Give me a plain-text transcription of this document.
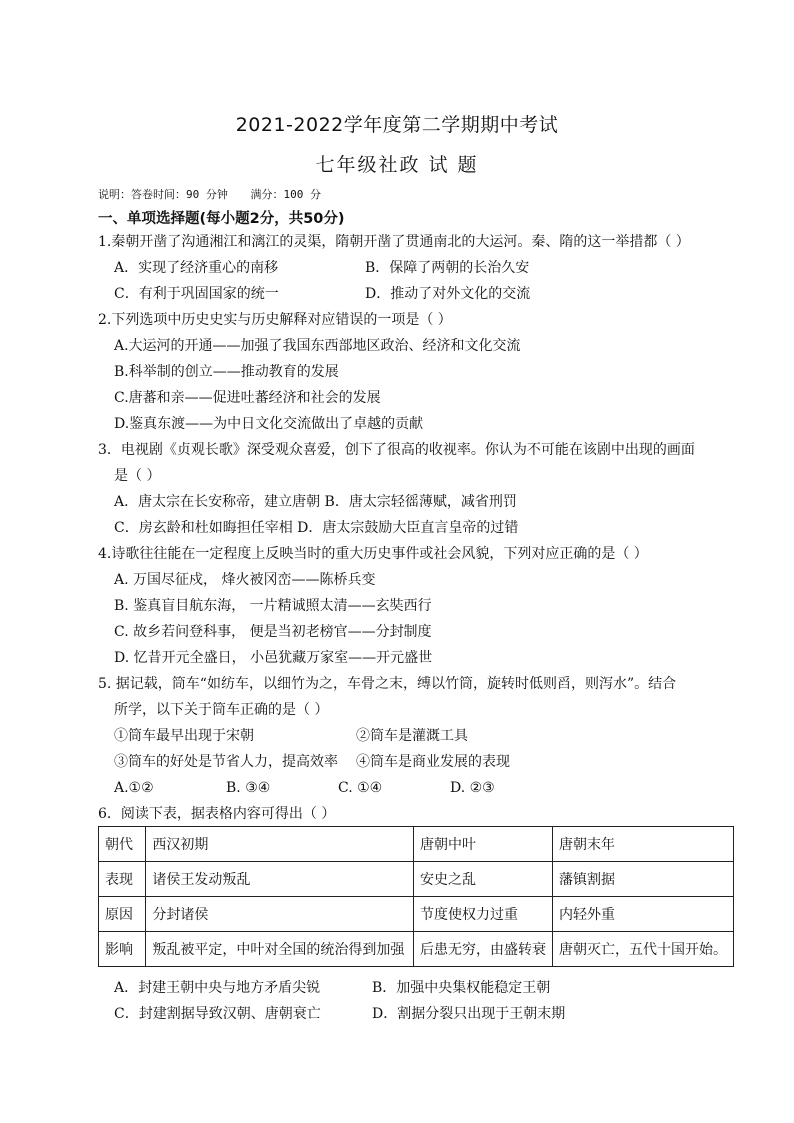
2021-2022学年度第二学期期中考试
七年级社政 试 题
说明：答卷时间：90 分钟 满分：100 分
一、单项选择题(每小题2分，共50分)
1.秦朝开凿了沟通湘江和漓江的灵渠，隋朝开凿了贯通南北的大运河。秦、隋的这一举措都（ ）
A．实现了经济重心的南移	B．保障了两朝的长治久安
C．有利于巩固国家的统一	D．推动了对外文化的交流
2.下列选项中历史史实与历史解释对应错误的一项是（ ）
A.大运河的开通——加强了我国东西部地区政治、经济和文化交流
B.科举制的创立——推动教育的发展
C.唐蕃和亲——促进吐蕃经济和社会的发展
D.鉴真东渡——为中日文化交流做出了卓越的贡献
3．电视剧《贞观长歌》深受观众喜爱，创下了很高的收视率。你认为不可能在该剧中出现的画面
是（ ）
A．唐太宗在长安称帝，建立唐朝 B．唐太宗轻徭薄赋，减省刑罚
C．房玄龄和杜如晦担任宰相 D．唐太宗鼓励大臣直言皇帝的过错
4.诗歌往往能在一定程度上反映当时的重大历史事件或社会风貌，下列对应正确的是（ ）
A. 万国尽征戍， 烽火被冈峦——陈桥兵变
B. 鉴真盲目航东海， 一片精诚照太清——玄奘西行
C. 故乡若问登科事， 便是当初老榜官——分封制度
D. 忆昔开元全盛日， 小邑犹藏万家室——开元盛世
5. 据记载，筒车“如纺车，以细竹为之，车骨之末，缚以竹筒，旋转时低则舀，则泻水”。结合
所学，以下关于筒车正确的是（ ）
①筒车最早出现于宋朝	②筒车是灌溉工具
③筒车的好处是节省人力，提高效率 ④筒车是商业发展的表现
A.①②	B. ③④	C. ①④	D. ②③
6．阅读下表，据表格内容可得出（ ）
朝代	西汉初期	唐朝中叶	唐朝末年
表现	诸侯王发动叛乱	安史之乱	藩镇割据
原因	分封诸侯	节度使权力过重	内轻外重
影响	叛乱被平定，中叶对全国的统治得到加强	后患无穷，由盛转衰	唐朝灭亡，五代十国开始。
A．封建王朝中央与地方矛盾尖锐	B．加强中央集权能稳定王朝
C．封建割据导致汉朝、唐朝衰亡	D．割据分裂只出现于王朝末期
